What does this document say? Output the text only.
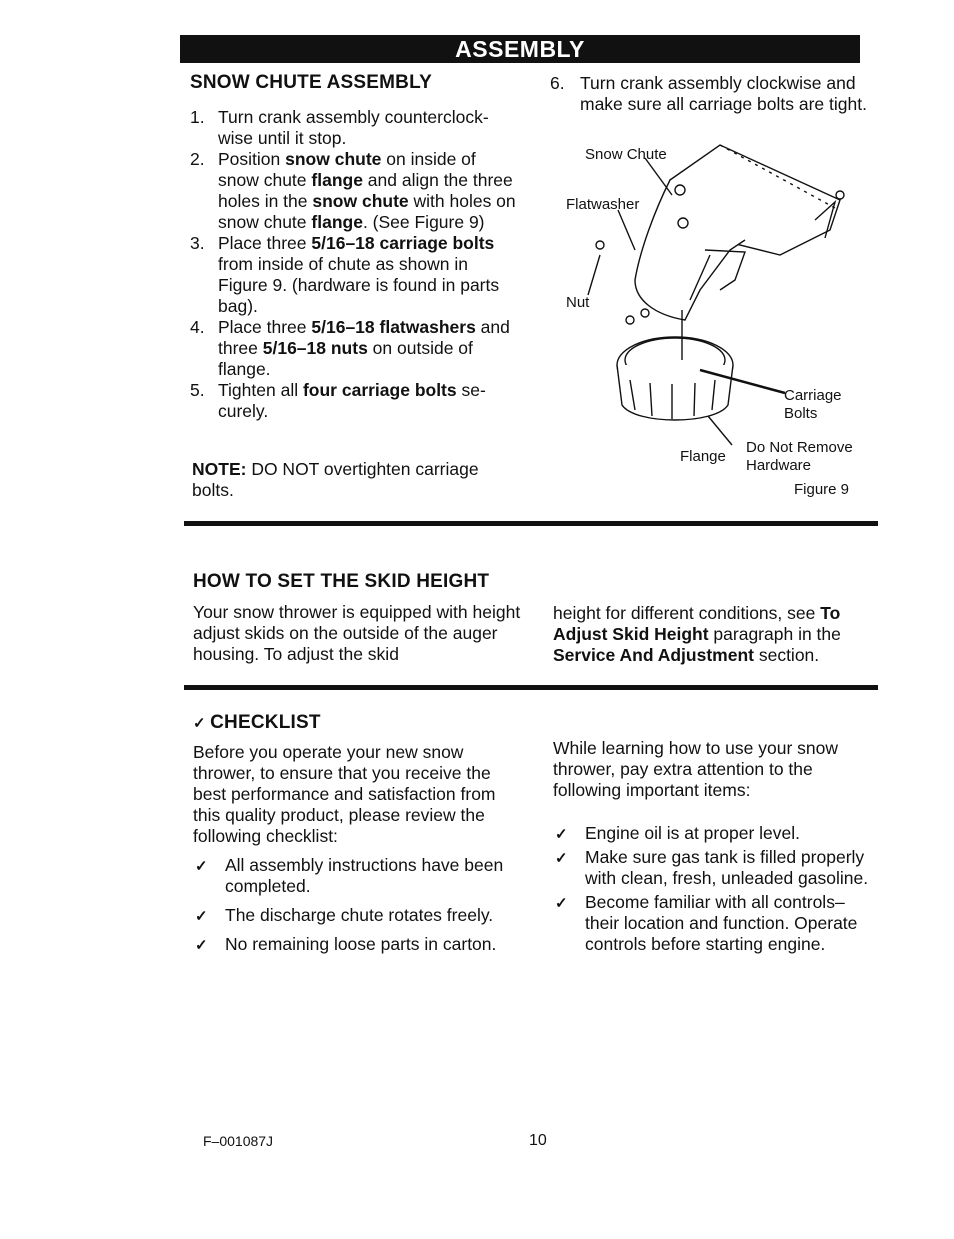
ASSEMBLY
SNOW CHUTE ASSEMBLY
1. Turn crank assembly counterclock- wise until it stop.
2. Position snow chute on inside of snow chute flange and align the three holes in the snow chute with holes on snow chute flange. (See Figure 9)
3. Place three 5/16–18 carriage bolts from inside of chute as shown in Figure 9. (hardware is found in parts bag).
4. Place three 5/16–18 flatwashers and three 5/16–18 nuts on outside of flange.
5. Tighten all four carriage bolts se- curely.
NOTE: DO NOT overtighten carriage bolts.
6. Turn crank assembly clockwise and make sure all carriage bolts are tight.
Snow Chute
Flatwasher
Nut
Carriage
Bolts
Flange
Do Not Remove
Hardware
Figure 9
HOW TO SET THE SKID HEIGHT
Your snow thrower is equipped with height adjust skids on the outside of the auger housing. To adjust the skid
height for different conditions, see To Adjust Skid Height paragraph in the Service And Adjustment section.
✓ CHECKLIST
Before you operate your new snow thrower, to ensure that you receive the best performance and satisfaction from this quality product, please review the following checklist:
✓ All assembly instructions have been completed.
✓ The discharge chute rotates freely.
✓ No remaining loose parts in carton.
While learning how to use your snow thrower, pay extra attention to the following important items:
✓ Engine oil is at proper level.
✓ Make sure gas tank is filled properly with clean, fresh, unleaded gasoline.
✓ Become familiar with all controls– their location and function. Operate controls before starting engine.
F–001087J	10
